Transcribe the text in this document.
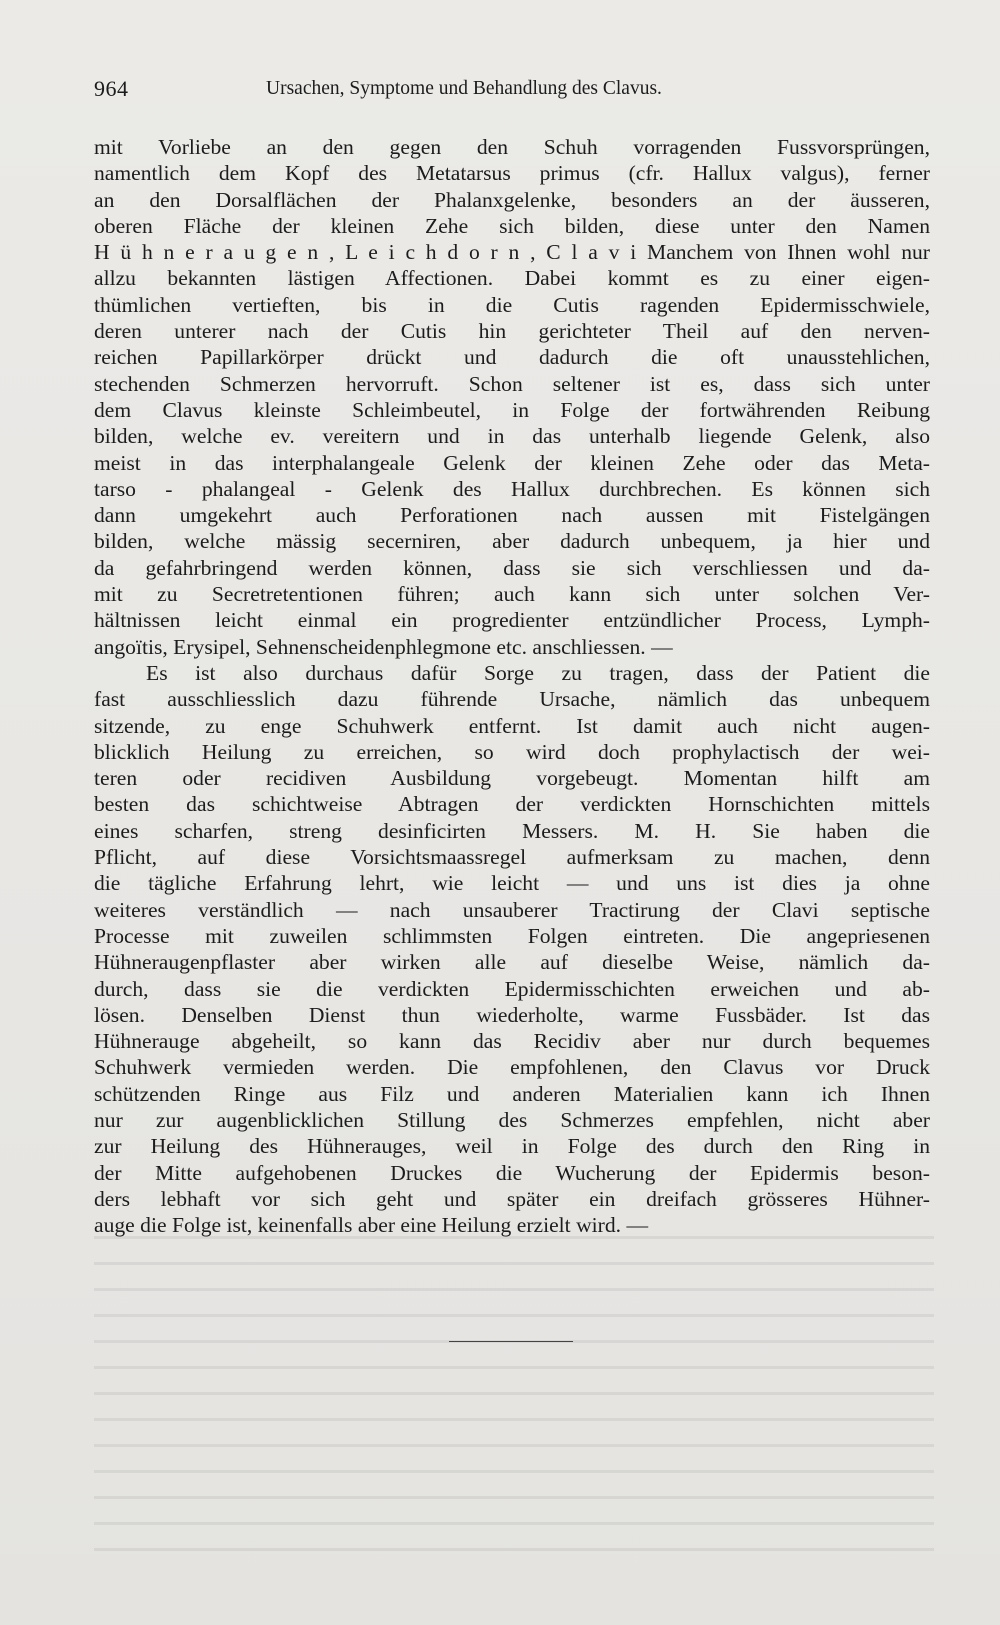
964	Ursachen, Symptome und Behandlung des Clavus.
mit Vorliebe an den gegen den Schuh vorragenden Fussvorsprüngen,
namentlich dem Kopf des Metatarsus primus (cfr. Hallux valgus), ferner
an den Dorsalflächen der Phalanxgelenke, besonders an der äusseren,
oberen Fläche der kleinen Zehe sich bilden, diese unter den Namen
H ü h n e r a u g e n , L e i c h d o r n , C l a v i Manchem von Ihnen wohl nur
allzu bekannten lästigen Affectionen. Dabei kommt es zu einer eigen-
thümlichen vertieften, bis in die Cutis ragenden Epidermisschwiele,
deren unterer nach der Cutis hin gerichteter Theil auf den nerven-
reichen Papillarkörper drückt und dadurch die oft unausstehlichen,
stechenden Schmerzen hervorruft. Schon seltener ist es, dass sich unter
dem Clavus kleinste Schleimbeutel, in Folge der fortwährenden Reibung
bilden, welche ev. vereitern und in das unterhalb liegende Gelenk, also
meist in das interphalangeale Gelenk der kleinen Zehe oder das Meta-
tarso - phalangeal - Gelenk des Hallux durchbrechen. Es können sich
dann umgekehrt auch Perforationen nach aussen mit Fistelgängen
bilden, welche mässig secerniren, aber dadurch unbequem, ja hier und
da gefahrbringend werden können, dass sie sich verschliessen und da-
mit zu Secretretentionen führen; auch kann sich unter solchen Ver-
hältnissen leicht einmal ein progredienter entzündlicher Process, Lymph-
angoïtis, Erysipel, Sehnenscheidenphlegmone etc. anschliessen. —
Es ist also durchaus dafür Sorge zu tragen, dass der Patient die
fast ausschliesslich dazu führende Ursache, nämlich das unbequem
sitzende, zu enge Schuhwerk entfernt. Ist damit auch nicht augen-
blicklich Heilung zu erreichen, so wird doch prophylactisch der wei-
teren oder recidiven Ausbildung vorgebeugt. Momentan hilft am
besten das schichtweise Abtragen der verdickten Hornschichten mittels
eines scharfen, streng desinficirten Messers. M. H. Sie haben die
Pflicht, auf diese Vorsichtsmaassregel aufmerksam zu machen, denn
die tägliche Erfahrung lehrt, wie leicht — und uns ist dies ja ohne
weiteres verständlich — nach unsauberer Tractirung der Clavi septische
Processe mit zuweilen schlimmsten Folgen eintreten. Die angepriesenen
Hühneraugenpflaster aber wirken alle auf dieselbe Weise, nämlich da-
durch, dass sie die verdickten Epidermisschichten erweichen und ab-
lösen. Denselben Dienst thun wiederholte, warme Fussbäder. Ist das
Hühnerauge abgeheilt, so kann das Recidiv aber nur durch bequemes
Schuhwerk vermieden werden. Die empfohlenen, den Clavus vor Druck
schützenden Ringe aus Filz und anderen Materialien kann ich Ihnen
nur zur augenblicklichen Stillung des Schmerzes empfehlen, nicht aber
zur Heilung des Hühnerauges, weil in Folge des durch den Ring in
der Mitte aufgehobenen Druckes die Wucherung der Epidermis beson-
ders lebhaft vor sich geht und später ein dreifach grösseres Hühner-
auge die Folge ist, keinenfalls aber eine Heilung erzielt wird. —
